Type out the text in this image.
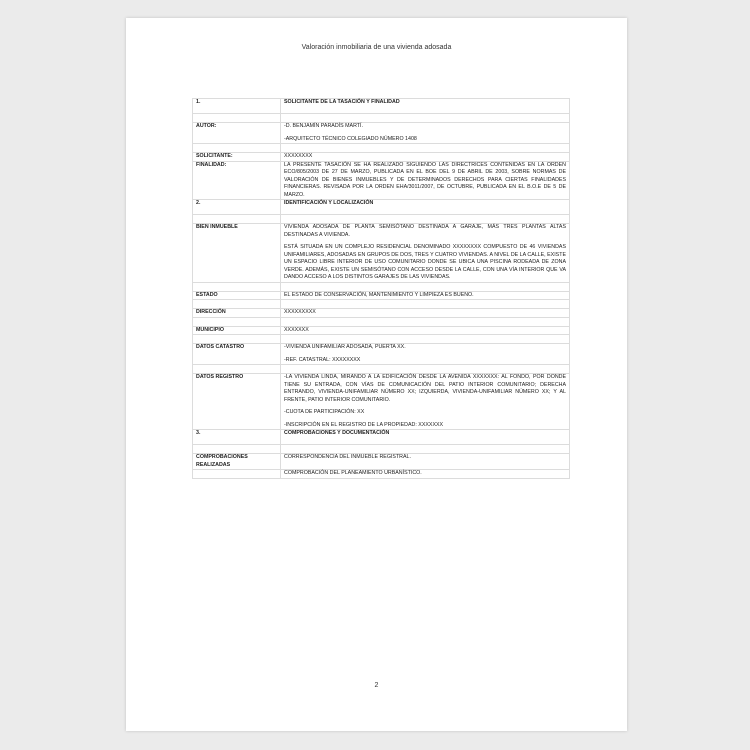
Valoración inmobiliaria de una vivienda adosada
1.	SOLICITANTE DE LA TASACIÓN Y FINALIDAD

AUTOR:	-D. BENJAMÍN PARADÍS MARTÍ.
-ARQUITECTO TÉCNICO COLEGIADO NÚMERO 1408

SOLICITANTE:	XXXXXXXX

FINALIDAD:	LA PRESENTE TASACIÓN SE HA REALIZADO SIGUIENDO LAS DIRECTRICES CONTENIDAS EN LA ORDEN ECO/805/2003 DE 27 DE MARZO, PUBLICADA EN EL BOE DEL 9 DE ABRIL DE 2003, SOBRE NORMAS DE VALORACIÓN DE BIENES INMUEBLES Y DE DETERMINADOS DERECHOS PARA CIERTAS FINALIDADES FINANCIERAS. REVISADA POR LA ORDEN EHA/3011/2007, DE OCTUBRE, PUBLICADA EN EL B.O.E DE 5 DE MARZO.

2.	IDENTIFICACIÓN Y LOCALIZACIÓN

BIEN INMUEBLE	VIVIENDA ADOSADA DE PLANTA SEMISÓTANO DESTINADA A GARAJE, MÁS TRES PLANTAS ALTAS DESTINADAS A VIVIENDA.
ESTÁ SITUADA EN UN COMPLEJO RESIDENCIAL DENOMINADO XXXXXXXX COMPUESTO DE 46 VIVIENDAS UNIFAMILIARES, ADOSADAS EN GRUPOS DE DOS, TRES Y CUATRO VIVIENDAS. A NIVEL DE LA CALLE, EXISTE UN ESPACIO LIBRE INTERIOR DE USO COMUNITARIO DONDE SE UBICA UNA PISCINA RODEADA DE ZONA VERDE. ADEMÁS, EXISTE UN SEMISÓTANO CON ACCESO DESDE LA CALLE, CON UNA VÍA INTERIOR QUE VA DANDO ACCESO A LOS DISTINTOS GARAJES DE LAS VIVIENDAS.

ESTADO	EL ESTADO DE CONSERVACIÓN, MANTENIMIENTO Y LIMPIEZA ES BUENO.

DIRECCIÓN	XXXXXXXXX

MUNICIPIO	XXXXXXX

DATOS CATASTRO	-VIVIENDA UNIFAMILIAR ADOSADA, PUERTA XX.
-REF. CATASTRAL: XXXXXXXX

DATOS REGISTRO	-LA VIVIENDA LINDA, MIRANDO A LA EDIFICACIÓN DESDE LA AVENIDA XXXXXXX: AL FONDO, POR DONDE TIENE SU ENTRADA, CON VÍAS DE COMUNICACIÓN DEL PATIO INTERIOR COMUNITARIO; DERECHA ENTRANDO, VIVIENDA-UNIFAMILIAR NÚMERO XX; IZQUIERDA, VIVIENDA-UNIFAMILIAR NÚMERO XX; Y AL FRENTE, PATIO INTERIOR COMUNITARIO.
-CUOTA DE PARTICIPACIÓN: XX
-INSCRIPCIÓN EN EL REGISTRO DE LA PROPIEDAD: XXXXXXX

3.	COMPROBACIONES Y DOCUMENTACIÓN

COMPROBACIONES REALIZADAS	CORRESPONDENCIA DEL INMUEBLE REGISTRAL.

	COMPROBACIÓN DEL PLANEAMIENTO URBANÍSTICO.
2
